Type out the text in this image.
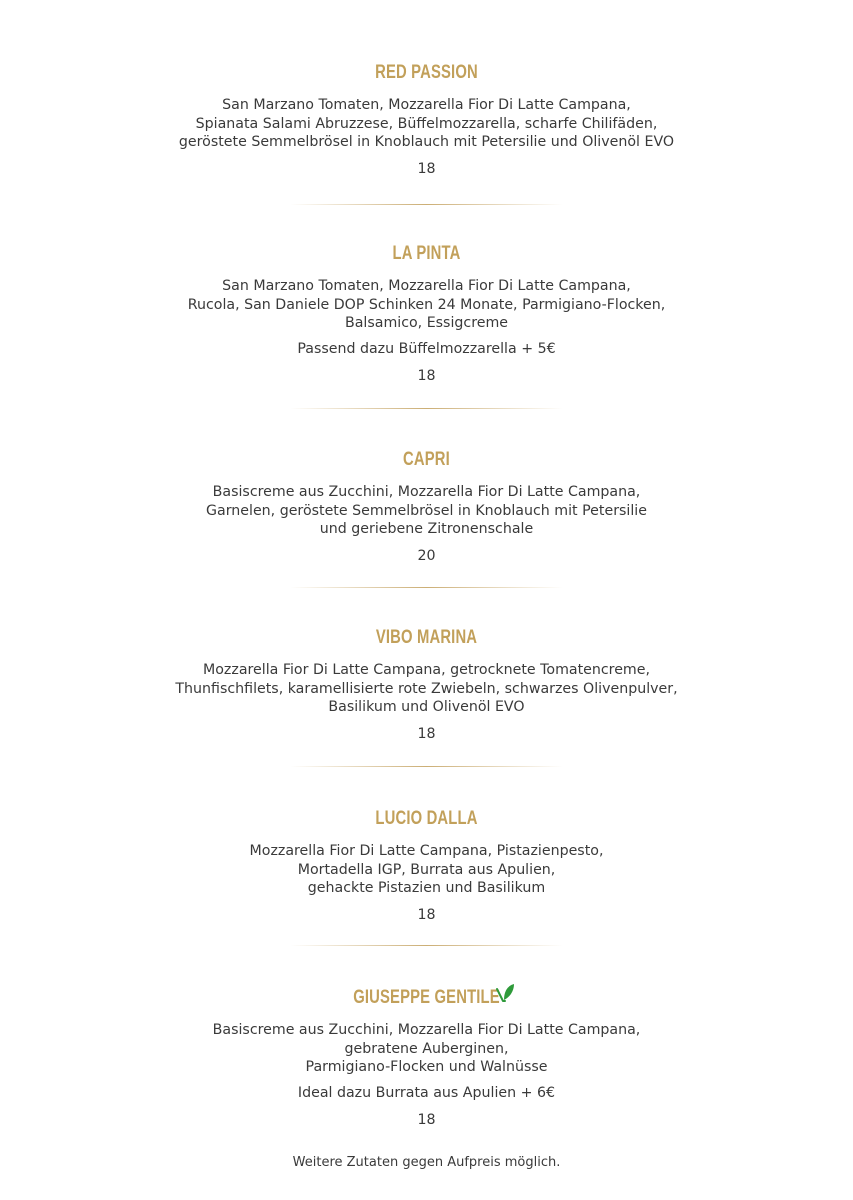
RED PASSION
San Marzano Tomaten, Mozzarella Fior Di Latte Campana,
Spianata Salami Abruzzese, Büffelmozzarella, scharfe Chilifäden,
geröstete Semmelbrösel in Knoblauch mit Petersilie und Olivenöl EVO
18
LA PINTA
San Marzano Tomaten, Mozzarella Fior Di Latte Campana,
Rucola, San Daniele DOP Schinken 24 Monate, Parmigiano-Flocken,
Balsamico, Essigcreme
Passend dazu Büffelmozzarella + 5€
18
CAPRI
Basiscreme aus Zucchini, Mozzarella Fior Di Latte Campana,
Garnelen, geröstete Semmelbrösel in Knoblauch mit Petersilie
und geriebene Zitronenschale
20
VIBO MARINA
Mozzarella Fior Di Latte Campana, getrocknete Tomatencreme,
Thunfischfilets, karamellisierte rote Zwiebeln, schwarzes Olivenpulver,
Basilikum und Olivenöl EVO
18
LUCIO DALLA
Mozzarella Fior Di Latte Campana, Pistazienpesto,
Mortadella IGP, Burrata aus Apulien,
gehackte Pistazien und Basilikum
18
GIUSEPPE GENTILE
Basiscreme aus Zucchini, Mozzarella Fior Di Latte Campana,
gebratene Auberginen,
Parmigiano-Flocken und Walnüsse
Ideal dazu Burrata aus Apulien + 6€
18
Weitere Zutaten gegen Aufpreis möglich.
